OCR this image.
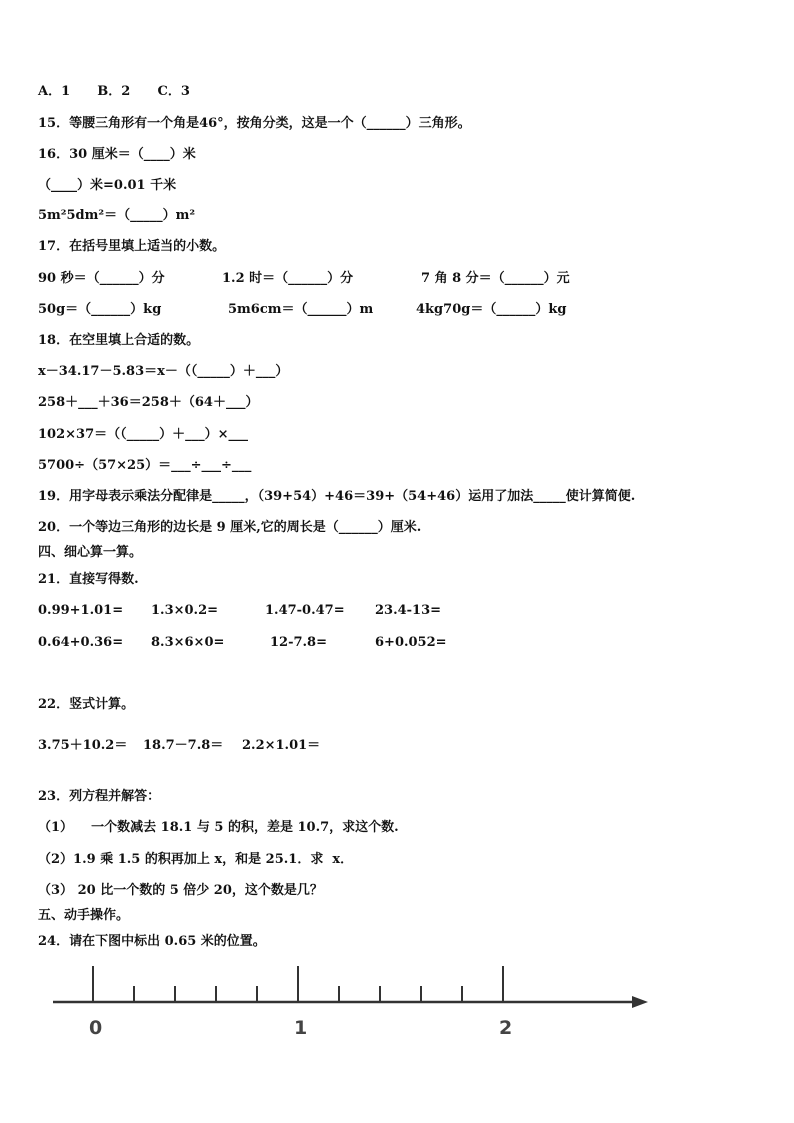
A．1      B．2      C．3
15．等腰三角形有一个角是46°，按角分类，这是一个（______）三角形。
16．30 厘米＝（____）米
（____）米=0.01 千米
5m²5dm²＝（_____）m²
17．在括号里填上适当的小数。
90 秒＝（______）分	1.2 时＝（______）分	7 角 8 分＝（______）元
50g＝（______）kg	5m6cm＝（______）m	4kg70g＝（______）kg
18．在空里填上合适的数。
x－34.17－5.83＝x－（（_____）＋___）
258＋___＋36＝258＋（64＋___）
102×37＝（（_____）＋___）×___
5700÷（57×25）＝___÷___÷___
19．用字母表示乘法分配律是_____，（39+54）+46＝39+（54+46）运用了加法_____使计算简便.
20．一个等边三角形的边长是 9 厘米,它的周长是（______）厘米.
四、细心算一算。
21．直接写得数.
0.99+1.01= 1.3×0.2=	1.47-0.47= 23.4-13=
0.64+0.36= 8.3×6×0=	12-7.8=	6+0.052=
22．竖式计算。
3.75＋10.2＝ 18.7－7.8＝ 2.2×1.01＝
23．列方程并解答：
（1）    一个数减去 18.1 与 5 的积，差是 10.7，求这个数.
（2）1.9 乘 1.5 的积再加上 x，和是 25.1．求  x．
（3） 20 比一个数的 5 倍少 20，这个数是几？
五、动手操作。
24．请在下图中标出 0.65 米的位置。
0	1	2
